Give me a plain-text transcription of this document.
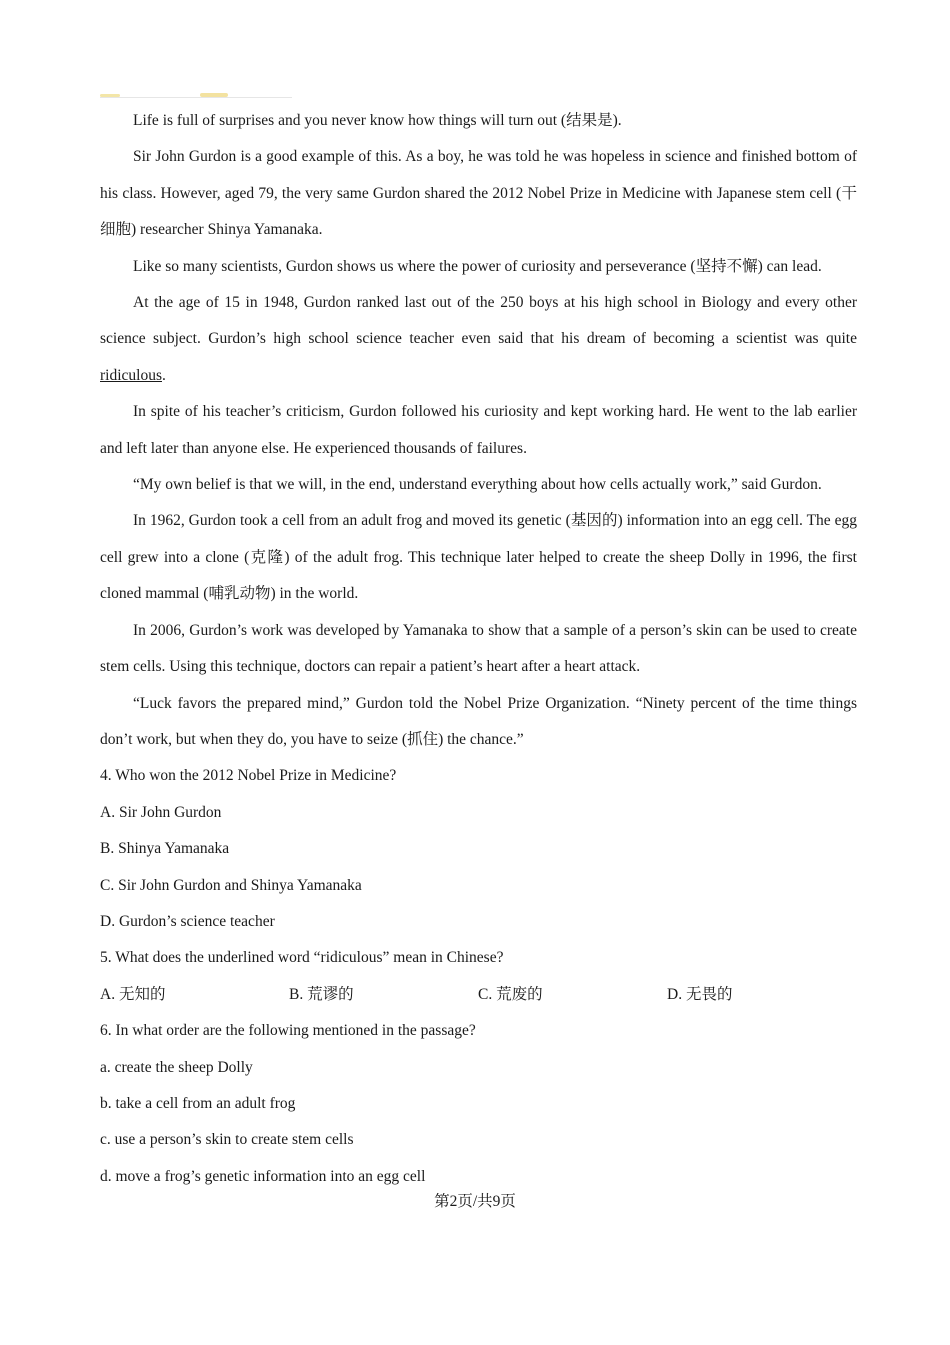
Life is full of surprises and you never know how things will turn out (结果是).

Sir John Gurdon is a good example of this. As a boy, he was told he was hopeless in science and finished bottom of his class. However, aged 79, the very same Gurdon shared the 2012 Nobel Prize in Medicine with Japanese stem cell (干细胞) researcher Shinya Yamanaka.

Like so many scientists, Gurdon shows us where the power of curiosity and perseverance (坚持不懈) can lead.

At the age of 15 in 1948, Gurdon ranked last out of the 250 boys at his high school in Biology and every other science subject. Gurdon’s high school science teacher even said that his dream of becoming a scientist was quite ridiculous.

In spite of his teacher’s criticism, Gurdon followed his curiosity and kept working hard. He went to the lab earlier and left later than anyone else. He experienced thousands of failures.

“My own belief is that we will, in the end, understand everything about how cells actually work,” said Gurdon.

In 1962, Gurdon took a cell from an adult frog and moved its genetic (基因的) information into an egg cell. The egg cell grew into a clone (克隆) of the adult frog. This technique later helped to create the sheep Dolly in 1996, the first cloned mammal (哺乳动物) in the world.

In 2006, Gurdon’s work was developed by Yamanaka to show that a sample of a person’s skin can be used to create stem cells. Using this technique, doctors can repair a patient’s heart after a heart attack.

“Luck favors the prepared mind,” Gurdon told the Nobel Prize Organization. “Ninety percent of the time things don’t work, but when they do, you have to seize (抓住) the chance.”

4. Who won the 2012 Nobel Prize in Medicine?

A. Sir John Gurdon

B. Shinya Yamanaka

C. Sir John Gurdon and Shinya Yamanaka

D. Gurdon’s science teacher

5. What does the underlined word “ridiculous” mean in Chinese?

A. 无知的	B. 荒谬的	C. 荒废的	D. 无畏的

6. In what order are the following mentioned in the passage?

a. create the sheep Dolly

b. take a cell from an adult frog

c. use a person’s skin to create stem cells

d. move a frog’s genetic information into an egg cell

第2页/共9页
